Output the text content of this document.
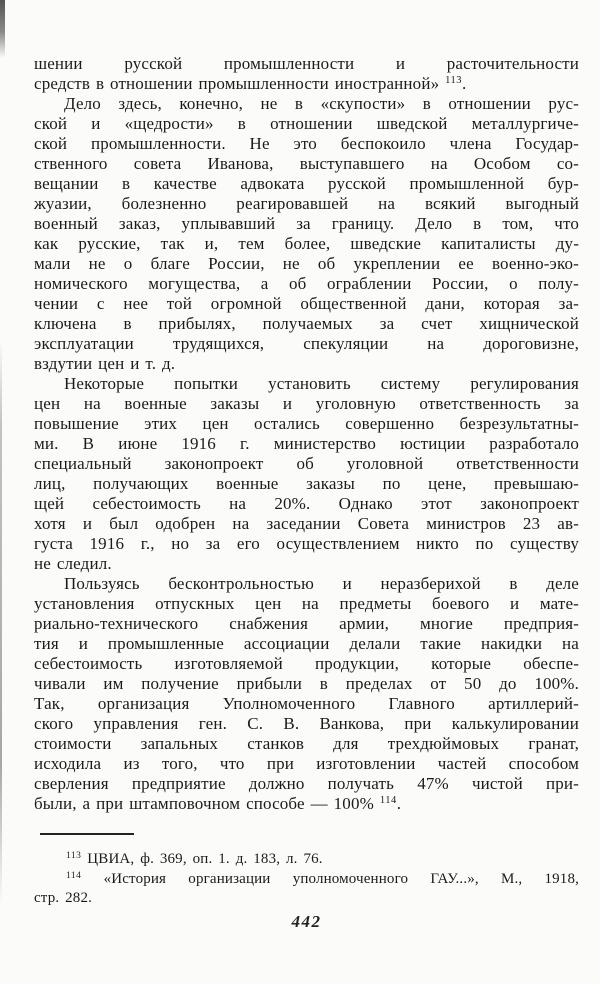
шении русской промышленности и расточительности
средств в отношении промышленности иностранной» $^{113}$.
Дело здесь, конечно, не в «скупости» в отношении рус-
ской и «щедрости» в отношении шведской металлургиче-
ской промышленности. Не это беспокоило члена Государ-
ственного совета Иванова, выступавшего на Особом со-
вещании в качестве адвоката русской промышленной бур-
жуазии, болезненно реагировавшей на всякий выгодный
военный заказ, уплывавший за границу. Дело в том, что
как русские, так и, тем более, шведские капиталисты ду-
мали не о благе России, не об укреплении ее военно-эко-
номического могущества, а об ограблении России, о полу-
чении с нее той огромной общественной дани, которая за-
ключена в прибылях, получаемых за счет хищнической
эксплуатации трудящихся, спекуляции на дороговизне,
вздутии цен и т. д.
Некоторые попытки установить систему регулирования
цен на военные заказы и уголовную ответственность за
повышение этих цен остались совершенно безрезультатны-
ми. В июне 1916 г. министерство юстиции разработало
специальный законопроект об уголовной ответственности
лиц, получающих военные заказы по цене, превышаю-
щей себестоимость на 20%. Однако этот законопроект
хотя и был одобрен на заседании Совета министров 23 ав-
густа 1916 г., но за его осуществлением никто по существу
не следил.
Пользуясь бесконтрольностью и неразберихой в деле
установления отпускных цен на предметы боевого и мате-
риально-технического снабжения армии, многие предприя-
тия и промышленные ассоциации делали такие накидки на
себестоимость изготовляемой продукции, которые обеспе-
чивали им получение прибыли в пределах от 50 до 100%.
Так, организация Уполномоченного Главного артиллерий-
ского управления ген. С. В. Ванкова, при калькулировании
стоимости запальных станков для трехдюймовых гранат,
исходила из того, что при изготовлении частей способом
сверления предприятие должно получать 47% чистой при-
были, а при штамповочном способе — 100% $^{114}$.
$^{113}$ ЦВИА, ф. 369, оп. 1. д. 183, л. 76.
$^{114}$ «История организации уполномоченного ГАУ...», М., 1918,
стр. 282.
442
